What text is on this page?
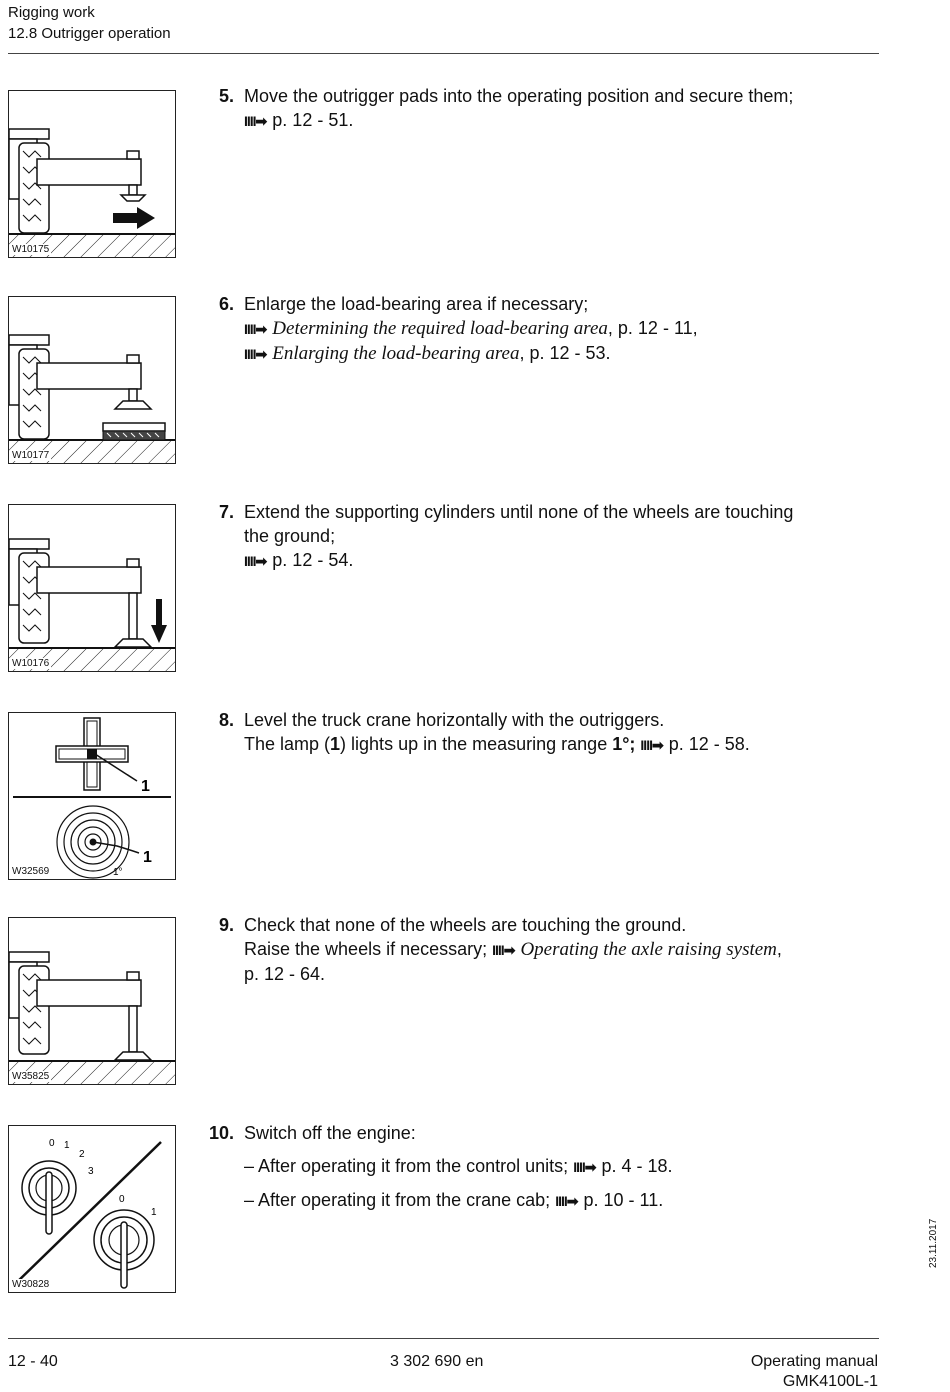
Rigging work
12.8 Outrigger operation
W10175
5. Move the outrigger pads into the operating position and secure them;
IIII➡ p. 12 - 51.
W10177
6. Enlarge the load-bearing area if necessary;
IIII➡ Determining the required load-bearing area, p. 12 - 11,
IIII➡ Enlarging the load-bearing area, p. 12 - 53.
W10176
7. Extend the supporting cylinders until none of the wheels are touching
the ground;
IIII➡ p. 12 - 54.
1
1
1°
W32569
8. Level the truck crane horizontally with the outriggers.
The lamp (1) lights up in the measuring range 1°; IIII➡ p. 12 - 58.
W35825
9. Check that none of the wheels are touching the ground.
Raise the wheels if necessary; IIII➡ Operating the axle raising system,
p. 12 - 64.
0 1
2
3
0
1
W30828
10. Switch off the engine:
– After operating it from the control units; IIII➡ p. 4 - 18.
– After operating it from the crane cab; IIII➡ p. 10 - 11.
23.11.2017
12 - 40	3 302 690 en	Operating manual
GMK4100L-1
